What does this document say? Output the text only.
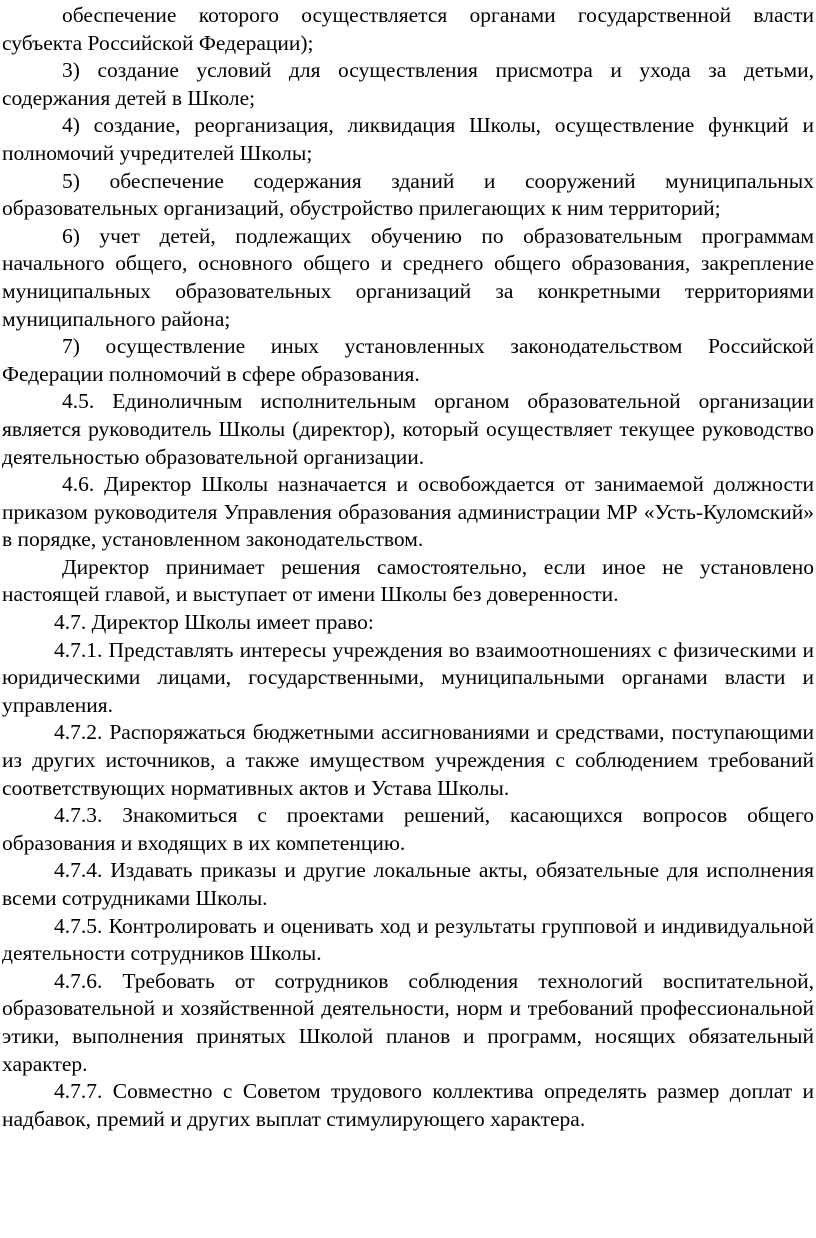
обеспечение которого осуществляется органами государственной власти субъекта Российской Федерации);

3) создание условий для осуществления присмотра и ухода за детьми, содержания детей в Школе;

4) создание, реорганизация, ликвидация Школы, осуществление функций и полномочий учредителей Школы;

5) обеспечение содержания зданий и сооружений муниципальных образовательных организаций, обустройство прилегающих к ним территорий;

6) учет детей, подлежащих обучению по образовательным программам начального общего, основного общего и среднего общего образования, закрепление муниципальных образовательных организаций за конкретными территориями муниципального района;

7) осуществление иных установленных законодательством Российской Федерации полномочий в сфере образования.

4.5. Единоличным исполнительным органом образовательной организации является руководитель Школы (директор), который осуществляет текущее руководство деятельностью образовательной организации.

4.6. Директор Школы назначается и освобождается от занимаемой должности приказом руководителя Управления образования администрации МР «Усть-Куломский» в порядке, установленном законодательством.

Директор принимает решения самостоятельно, если иное не установлено настоящей главой, и выступает от имени Школы без доверенности.

4.7. Директор Школы имеет право:

4.7.1. Представлять интересы учреждения во взаимоотношениях с физическими и юридическими лицами, государственными, муниципальными органами власти и управления.

4.7.2. Распоряжаться бюджетными ассигнованиями и средствами, поступающими из других источников, а также имуществом учреждения с соблюдением требований соответствующих нормативных актов и Устава Школы.

4.7.3. Знакомиться с проектами решений, касающихся вопросов общего образования и входящих в их компетенцию.

4.7.4. Издавать приказы и другие локальные акты, обязательные для исполнения всеми сотрудниками Школы.

4.7.5. Контролировать и оценивать ход и результаты групповой и индивидуальной деятельности сотрудников Школы.

4.7.6. Требовать от сотрудников соблюдения технологий воспитательной, образовательной и хозяйственной деятельности, норм и требований профессиональной этики, выполнения принятых Школой планов и программ, носящих обязательный характер.

4.7.7. Совместно с Советом трудового коллектива определять размер доплат и надбавок, премий и других выплат стимулирующего характера.
